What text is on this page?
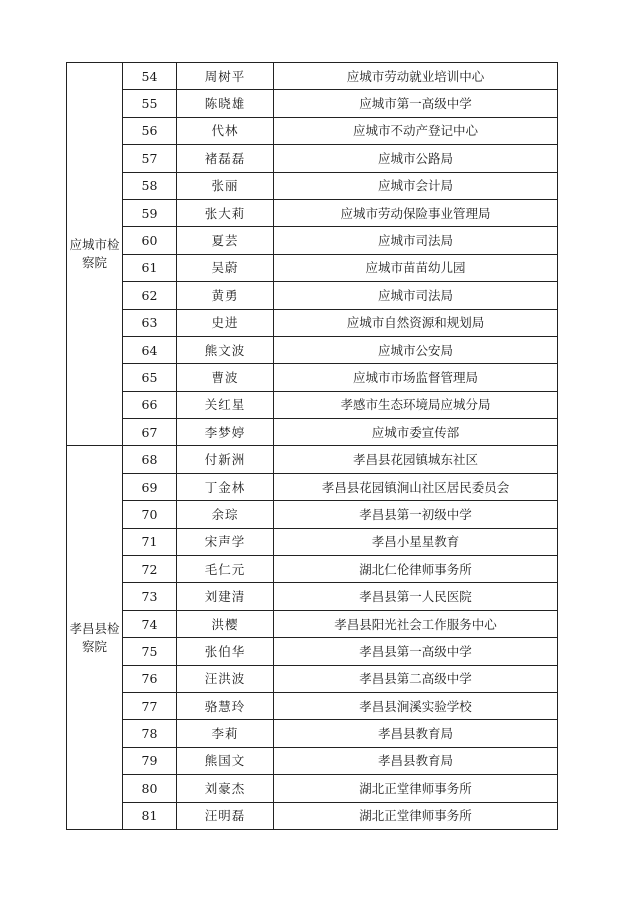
应城市检察院	54	周树平	应城市劳动就业培训中心
	55	陈晓雄	应城市第一高级中学
	56	代林	应城市不动产登记中心
	57	褚磊磊	应城市公路局
	58	张丽	应城市会计局
	59	张大莉	应城市劳动保险事业管理局
	60	夏芸	应城市司法局
	61	吴蔚	应城市苗苗幼儿园
	62	黄勇	应城市司法局
	63	史进	应城市自然资源和规划局
	64	熊文波	应城市公安局
	65	曹波	应城市市场监督管理局
	66	关红星	孝感市生态环境局应城分局
	67	李梦婷	应城市委宣传部

孝昌县检察院	68	付新洲	孝昌县花园镇城东社区
	69	丁金林	孝昌县花园镇涧山社区居民委员会
	70	余琮	孝昌县第一初级中学
	71	宋声学	孝昌小星星教育
	72	毛仁元	湖北仁伦律师事务所
	73	刘建清	孝昌县第一人民医院
	74	洪樱	孝昌县阳光社会工作服务中心
	75	张伯华	孝昌县第一高级中学
	76	汪洪波	孝昌县第二高级中学
	77	骆慧玲	孝昌县涧溪实验学校
	78	李莉	孝昌县教育局
	79	熊国文	孝昌县教育局
	80	刘豪杰	湖北正堂律师事务所
	81	汪明磊	湖北正堂律师事务所
